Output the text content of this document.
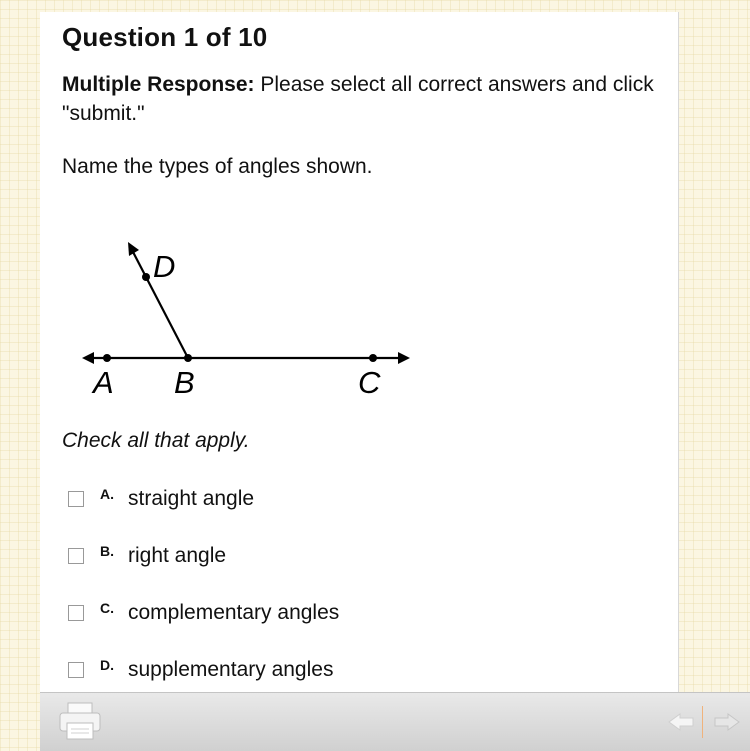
Question 1 of 10
Multiple Response: Please select all correct answers and click "submit."
Name the types of angles shown.
D
A B	C
Check all that apply.
A. straight angle
B. right angle
C. complementary angles
D. supplementary angles
